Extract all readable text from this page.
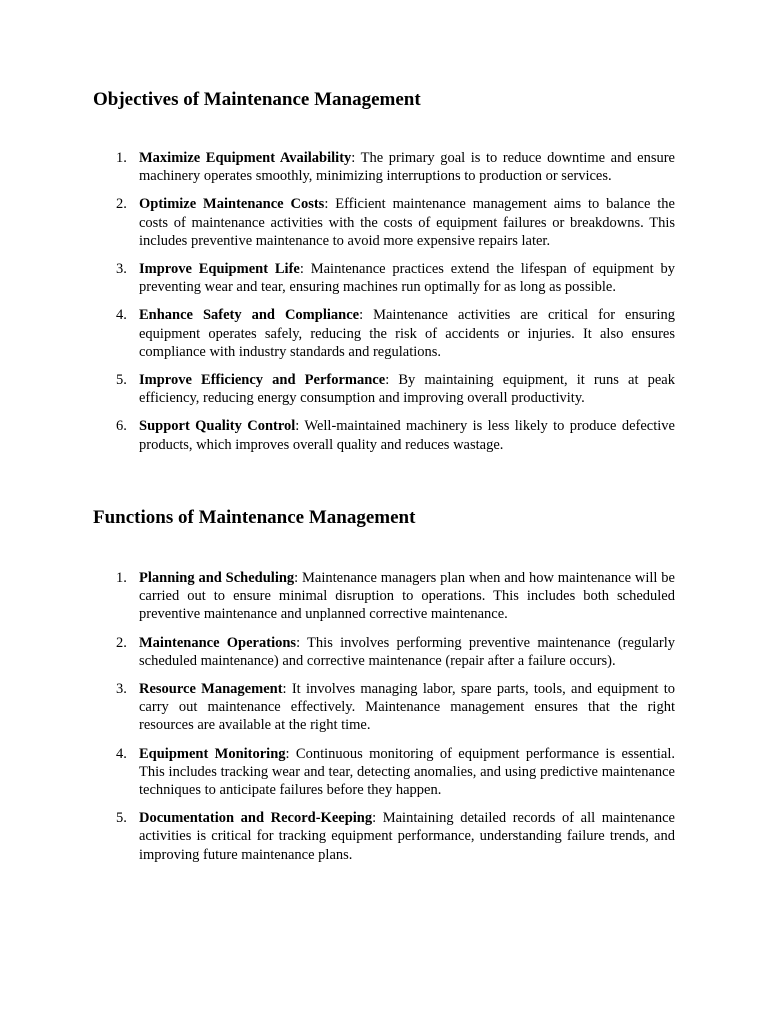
Objectives of Maintenance Management
1. Maximize Equipment Availability: The primary goal is to reduce downtime and ensure machinery operates smoothly, minimizing interruptions to production or services.
2. Optimize Maintenance Costs: Efficient maintenance management aims to balance the costs of maintenance activities with the costs of equipment failures or breakdowns. This includes preventive maintenance to avoid more expensive repairs later.
3. Improve Equipment Life: Maintenance practices extend the lifespan of equipment by preventing wear and tear, ensuring machines run optimally for as long as possible.
4. Enhance Safety and Compliance: Maintenance activities are critical for ensuring equipment operates safely, reducing the risk of accidents or injuries. It also ensures compliance with industry standards and regulations.
5. Improve Efficiency and Performance: By maintaining equipment, it runs at peak efficiency, reducing energy consumption and improving overall productivity.
6. Support Quality Control: Well-maintained machinery is less likely to produce defective products, which improves overall quality and reduces wastage.
Functions of Maintenance Management
1. Planning and Scheduling: Maintenance managers plan when and how maintenance will be carried out to ensure minimal disruption to operations. This includes both scheduled preventive maintenance and unplanned corrective maintenance.
2. Maintenance Operations: This involves performing preventive maintenance (regularly scheduled maintenance) and corrective maintenance (repair after a failure occurs).
3. Resource Management: It involves managing labor, spare parts, tools, and equipment to carry out maintenance effectively. Maintenance management ensures that the right resources are available at the right time.
4. Equipment Monitoring: Continuous monitoring of equipment performance is essential. This includes tracking wear and tear, detecting anomalies, and using predictive maintenance techniques to anticipate failures before they happen.
5. Documentation and Record-Keeping: Maintaining detailed records of all maintenance activities is critical for tracking equipment performance, understanding failure trends, and improving future maintenance plans.
